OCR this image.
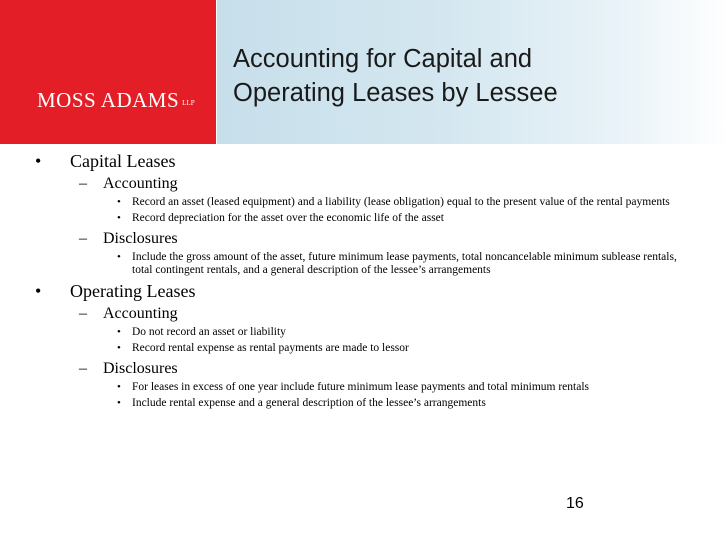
MOSS ADAMS LLP
Accounting for Capital and
Operating Leases by Lessee
• Capital Leases
– Accounting
• Record an asset (leased equipment) and a liability (lease obligation) equal to the present value of the rental payments
• Record depreciation for the asset over the economic life of the asset
– Disclosures
• Include the gross amount of the asset, future minimum lease payments, total noncancelable minimum sublease rentals, total contingent rentals, and a general description of the lessee’s arrangements
• Operating Leases
– Accounting
• Do not record an asset or liability
• Record rental expense as rental payments are made to lessor
– Disclosures
• For leases in excess of one year include future minimum lease payments and total minimum rentals
• Include rental expense and a general description of the lessee’s arrangements
16
